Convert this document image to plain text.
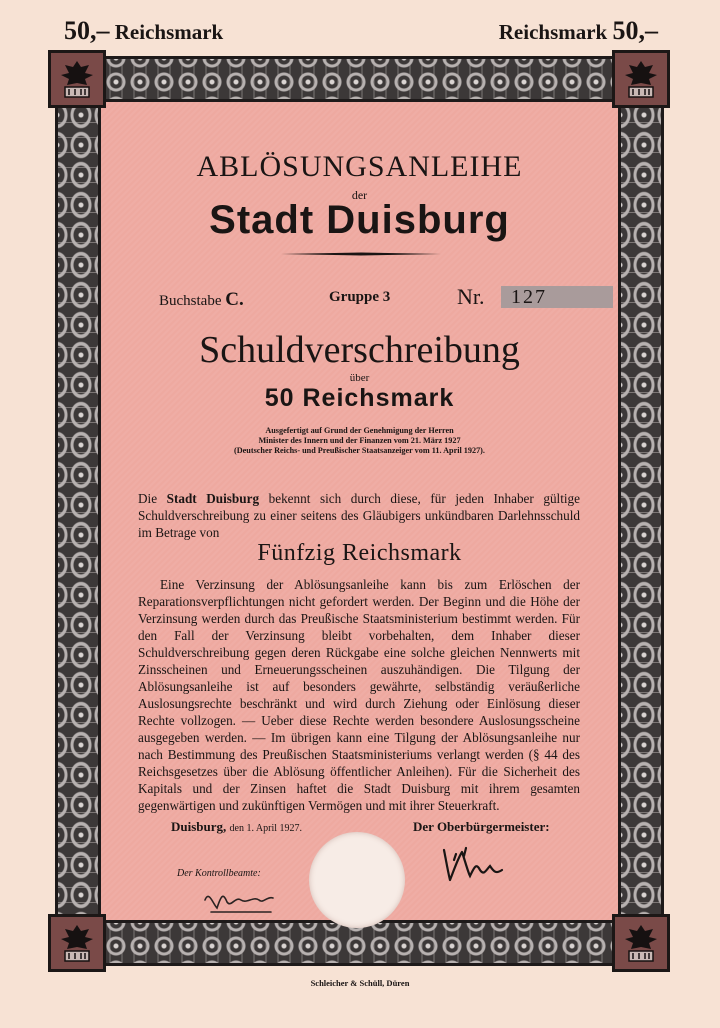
50,– Reichsmark	Reichsmark 50,–
ABLÖSUNGSANLEIHE
der
Stadt Duisburg
Buchstabe C.	Gruppe 3	Nr.	127
Schuldverschreibung
über
50 Reichsmark
Ausgefertigt auf Grund der Genehmigung der Herren
Minister des Innern und der Finanzen vom 21. März 1927
(Deutscher Reichs- und Preußischer Staatsanzeiger vom 11. April 1927).
Die Stadt Duisburg bekennt sich durch diese, für jeden Inhaber gültige Schuldverschreibung zu einer seitens des Gläubigers unkündbaren Darlehnsschuld im Betrage von
Fünfzig Reichsmark
Eine Verzinsung der Ablösungsanleihe kann bis zum Erlöschen der Reparationsverpflichtungen nicht gefordert werden. Der Beginn und die Höhe der Verzinsung werden durch das Preußische Staatsministerium bestimmt werden. Für den Fall der Verzinsung bleibt vorbehalten, dem Inhaber dieser Schuldverschreibung gegen deren Rückgabe eine solche gleichen Nennwerts mit Zinsscheinen und Erneuerungsscheinen auszuhändigen. Die Tilgung der Ablösungsanleihe ist auf besonders gewährte, selbständig veräußerliche Auslosungsrechte beschränkt und wird durch Ziehung oder Einlösung dieser Rechte vollzogen. — Ueber diese Rechte werden besondere Auslosungsscheine ausgegeben werden. — Im übrigen kann eine Tilgung der Ablösungsanleihe nur nach Bestimmung des Preußischen Staatsministeriums verlangt werden (§ 44 des Reichsgesetzes über die Ablösung öffentlicher Anleihen). Für die Sicherheit des Kapitals und der Zinsen haftet die Stadt Duisburg mit ihrem gesamten gegenwärtigen und zukünftigen Vermögen und mit ihrer Steuerkraft.
Duisburg, den 1. April 1927.	Der Oberbürgermeister:
Der Kontrollbeamte:
Schleicher & Schüll, Düren
